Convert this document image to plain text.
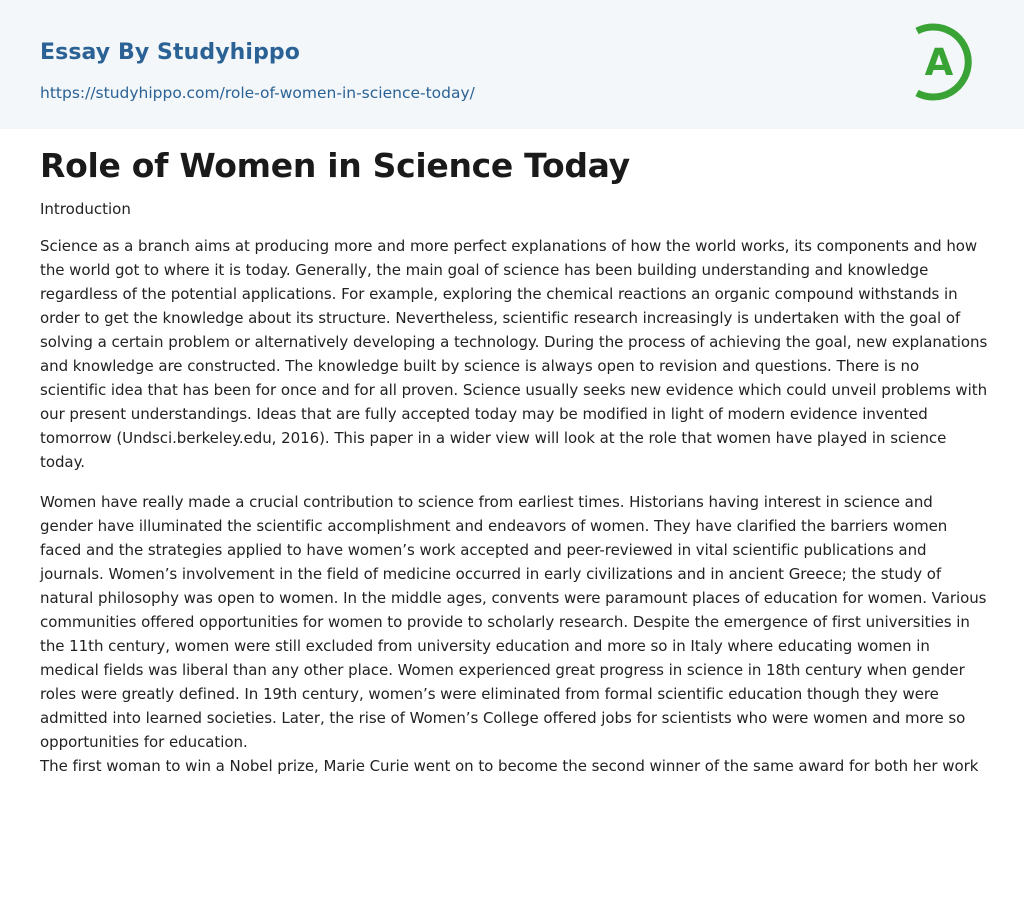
Essay By Studyhippo
https://studyhippo.com/role-of-women-in-science-today/
A
Role of Women in Science Today

Introduction

Science as a branch aims at producing more and more perfect explanations of how the world works, its components and how the world got to where it is today. Generally, the main goal of science has been building understanding and knowledge regardless of the potential applications. For example, exploring the chemical reactions an organic compound withstands in order to get the knowledge about its structure. Nevertheless, scientific research increasingly is undertaken with the goal of solving a certain problem or alternatively developing a technology. During the process of achieving the goal, new explanations and knowledge are constructed. The knowledge built by science is always open to revision and questions. There is no scientific idea that has been for once and for all proven. Science usually seeks new evidence which could unveil problems with our present understandings. Ideas that are fully accepted today may be modified in light of modern evidence invented tomorrow (Undsci.berkeley.edu, 2016). This paper in a wider view will look at the role that women have played in science today.

Women have really made a crucial contribution to science from earliest times. Historians having interest in science and gender have illuminated the scientific accomplishment and endeavors of women. They have clarified the barriers women faced and the strategies applied to have women’s work accepted and peer-reviewed in vital scientific publications and journals. Women’s involvement in the field of medicine occurred in early civilizations and in ancient Greece; the study of natural philosophy was open to women. In the middle ages, convents were paramount places of education for women. Various communities offered opportunities for women to provide to scholarly research. Despite the emergence of first universities in the 11th century, women were still excluded from university education and more so in Italy where educating women in medical fields was liberal than any other place. Women experienced great progress in science in 18th century when gender roles were greatly defined. In 19th century, women’s were eliminated from formal scientific education though they were admitted into learned societies. Later, the rise of Women’s College offered jobs for scientists who were women and more so opportunities for education.

The first woman to win a Nobel prize, Marie Curie went on to become the second winner of the same award for both her work
